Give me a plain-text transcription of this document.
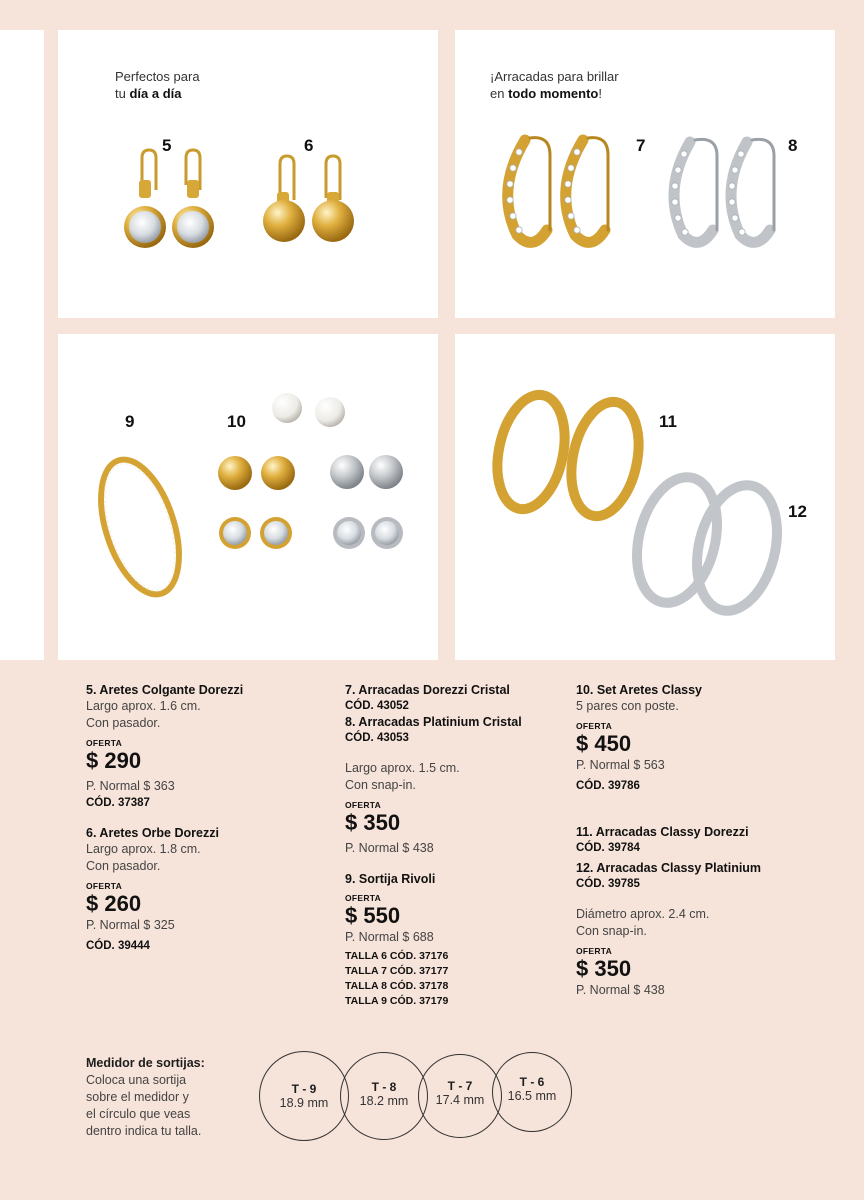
Perfectos para
tu día a día
5	6
¡Arracadas para brillar
en todo momento!
7	8
9	10	11
12
5. Aretes Colgante Dorezzi
Largo aprox. 1.6 cm.
Con pasador.
OFERTA
$ 290
P. Normal $ 363
CÓD. 37387
6. Aretes Orbe Dorezzi
Largo aprox. 1.8 cm.
Con pasador.
OFERTA
$ 260
P. Normal $ 325
CÓD. 39444
7. Arracadas Dorezzi Cristal
CÓD. 43052
8. Arracadas Platinium Cristal
CÓD. 43053
Largo aprox. 1.5 cm.
Con snap-in.
OFERTA
$ 350
P. Normal $ 438
9. Sortija Rivoli
OFERTA
$ 550
P. Normal $ 688
TALLA 6 CÓD. 37176
TALLA 7 CÓD. 37177
TALLA 8 CÓD. 37178
TALLA 9 CÓD. 37179
10. Set Aretes Classy
5 pares con poste.
OFERTA
$ 450
P. Normal $ 563
CÓD. 39786
11. Arracadas Classy Dorezzi
CÓD. 39784
12. Arracadas Classy Platinium
CÓD. 39785
Diámetro aprox. 2.4 cm.
Con snap-in.
OFERTA
$ 350
P. Normal $ 438
Medidor de sortijas:
Coloca una sortija
sobre el medidor y
el círculo que veas
dentro indica tu talla.
T - 9
18.9 mm
T - 8
18.2 mm
T - 7
17.4 mm
T - 6
16.5 mm
